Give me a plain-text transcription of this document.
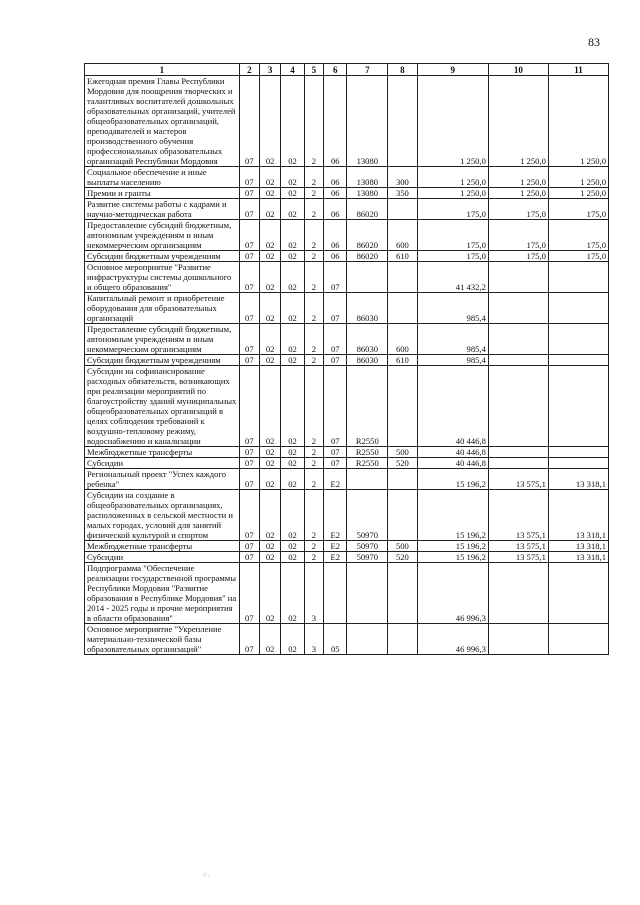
83
1	2	3	4	5	6	7	8	9	10	11
Ежегодная премия Главы Республики Мордовия для поощрения творческих и талантливых воспитателей дошкольных образовательных организаций, учителей общеобразовательных организаций, преподавателей и мастеров производственного обучения профессиональных образовательных организаций Республики Мордовия	07	02	02	2	06	13080		1 250,0	1 250,0	1 250,0
Социальное обеспечение и иные выплаты населению	07	02	02	2	06	13080	300	1 250,0	1 250,0	1 250,0
Премии и гранты	07	02	02	2	06	13080	350	1 250,0	1 250,0	1 250,0
Развитие системы работы с кадрами и научно-методическая работа	07	02	02	2	06	86020		175,0	175,0	175,0
Предоставление субсидий бюджетным, автономным учреждениям и иным некоммерческим организациям	07	02	02	2	06	86020	600	175,0	175,0	175,0
Субсидии бюджетным учреждениям	07	02	02	2	06	86020	610	175,0	175,0	175,0
Основное мероприятие "Развитие инфраструктуры системы дошкольного и общего образования"	07	02	02	2	07			41 432,2		
Капитальный ремонт и приобретение оборудования для образовательных организаций	07	02	02	2	07	86030		985,4		
Предоставление субсидий бюджетным, автономным учреждениям и иным некоммерческим организациям	07	02	02	2	07	86030	600	985,4		
Субсидии бюджетным учреждениям	07	02	02	2	07	86030	610	985,4		
Субсидии на софинансирование расходных обязательств, возникающих при реализации мероприятий по благоустройству зданий муниципальных общеобразовательных организаций в целях соблюдения требований к воздушно-тепловому режиму, водоснабжению и канализации	07	02	02	2	07	R2550		40 446,8		
Межбюджетные трансферты	07	02	02	2	07	R2550	500	40 446,8		
Субсидии	07	02	02	2	07	R2550	520	40 446,8		
Региональный проект "Успех каждого ребенка"	07	02	02	2	E2			15 196,2	13 575,1	13 318,1
Субсидии на создание в общеобразовательных организациях, расположенных в сельской местности и малых городах, условий для занятий физической культурой и спортом	07	02	02	2	E2	50970		15 196,2	13 575,1	13 318,1
Межбюджетные трансферты	07	02	02	2	E2	50970	500	15 196,2	13 575,1	13 318,1
Субсидии	07	02	02	2	E2	50970	520	15 196,2	13 575,1	13 318,1
Подпрограмма "Обеспечение реализации государственной программы Республики Мордовия "Развитие образования в Республике Мордовия" на 2014 - 2025 годы и прочие мероприятия в области образования"	07	02	02	3				46 996,3		
Основное мероприятие "Укрепление материально-технической базы образовательных организаций"	07	02	02	3	05			46 996,3		
·;·.
